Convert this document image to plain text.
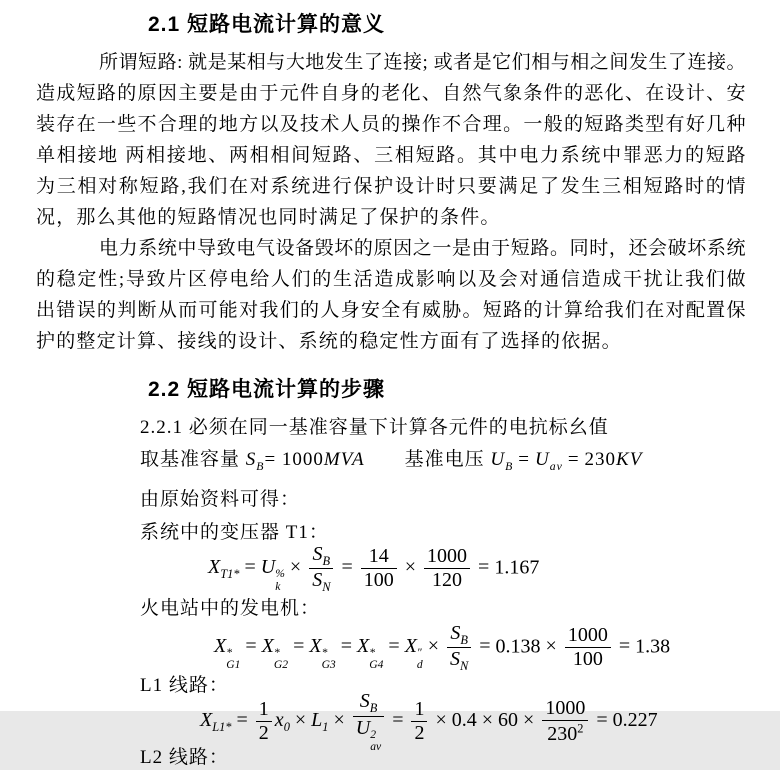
2.1 短路电流计算的意义
所谓短路: 就是某相与大地发生了连接; 或者是它们相与相之间发生了连接。
造成短路的原因主要是由于元件自身的老化、自然气象条件的恶化、在设计、安
装存在一些不合理的地方以及技术人员的操作不合理。一般的短路类型有好几种
单相接地 两相接地、两相相间短路、三相短路。其中电力系统中罪恶力的短路
为三相对称短路,我们在对系统进行保护设计时只要满足了发生三相短路时的情
况，那么其他的短路情况也同时满足了保护的条件。
电力系统中导致电气设备毁坏的原因之一是由于短路。同时，还会破坏系统
的稳定性;导致片区停电给人们的生活造成影响以及会对通信造成干扰让我们做
出错误的判断从而可能对我们的人身安全有威胁。短路的计算给我们在对配置保
护的整定计算、接线的设计、系统的稳定性方面有了选择的依据。
2.2 短路电流计算的步骤
2.2.1 必须在同一基准容量下计算各元件的电抗标幺值
取基准容量 $S_B= 1000MVA$　　基准电压 $U_B = U_{av} = 230KV$
由原始资料可得：
系统中的变压器 T1：
$X_{T1*} = U$ %
k
× $\frac{S_B}{S_N} = \frac{14}{100} \times \frac{1000}{120} = 1.167$
火电站中的发电机：
X *
G1
= X *
G2
= X *
G3
= X *
G4
= X ″
d
× $\frac{S_B}{S_N} = 0.138 \times \frac{1000}{100} = 1.38$
L1 线路：
$X_{L1*} = \frac{1}{2} x_0 \times L_1 \times S_B$
U 2
av = $\frac{1}{2} \times 0.4 \times 60 \times \frac{1000}{230^2} = 0.227$
L2 线路：
